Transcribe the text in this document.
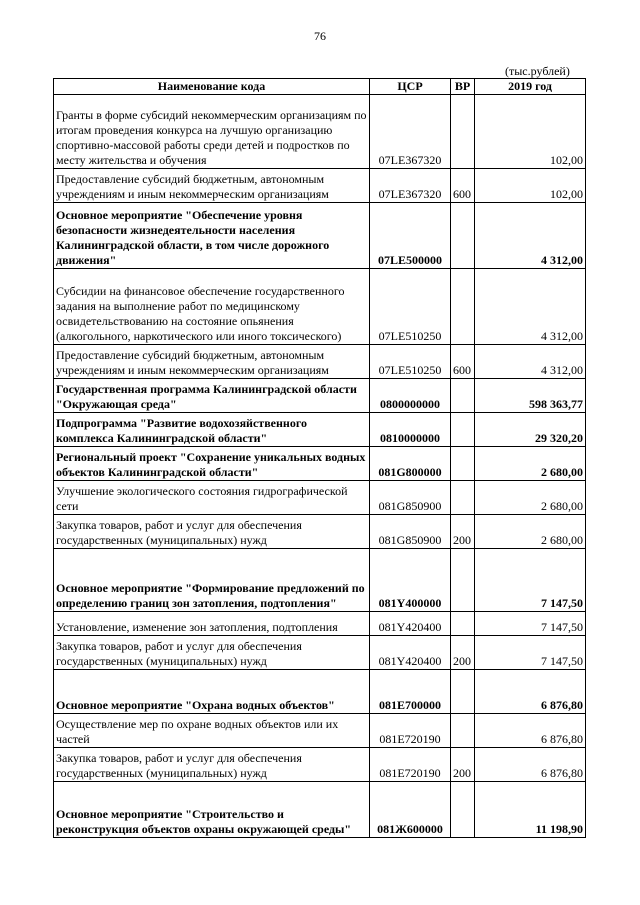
76
(тыс.рублей)
Наименование кода	ЦСР	ВР	2019 год
Гранты в форме субсидий некоммерческим организациям по итогам проведения конкурса на лучшую организацию спортивно-массовой работы среди детей и подростков по месту жительства и обучения	07LE367320		102,00
Предоставление субсидий бюджетным, автономным учреждениям и иным некоммерческим организациям	07LE367320	600	102,00
Основное мероприятие "Обеспечение уровня безопасности жизнедеятельности населения Калининградской области, в том числе дорожного движения"	07LE500000		4 312,00
Субсидии на финансовое обеспечение государственного задания на выполнение работ по медицинскому освидетельствованию на состояние опьянения (алкогольного, наркотического или иного токсического)	07LE510250		4 312,00
Предоставление субсидий бюджетным, автономным учреждениям и иным некоммерческим организациям	07LE510250	600	4 312,00
Государственная программа Калининградской области "Окружающая среда"	0800000000		598 363,77
Подпрограмма "Развитие водохозяйственного комплекса Калининградской области"	0810000000		29 320,20
Региональный проект "Сохранение уникальных водных объектов Калининградской области"	081G800000		2 680,00
Улучшение экологического состояния гидрографической сети	081G850900		2 680,00
Закупка товаров, работ и услуг для обеспечения государственных (муниципальных) нужд	081G850900	200	2 680,00
Основное мероприятие "Формирование предложений по определению границ зон затопления, подтопления"	081Y400000		7 147,50
Установление, изменение зон затопления, подтопления	081Y420400		7 147,50
Закупка товаров, работ и услуг для обеспечения государственных (муниципальных) нужд	081Y420400	200	7 147,50
Основное мероприятие "Охрана водных объектов"	081E700000		6 876,80
Осуществление мер по охране водных объектов или их частей	081E720190		6 876,80
Закупка товаров, работ и услуг для обеспечения государственных (муниципальных) нужд	081E720190	200	6 876,80
Основное мероприятие "Строительство и реконструкция объектов охраны окружающей среды"	081Ж600000		11 198,90
